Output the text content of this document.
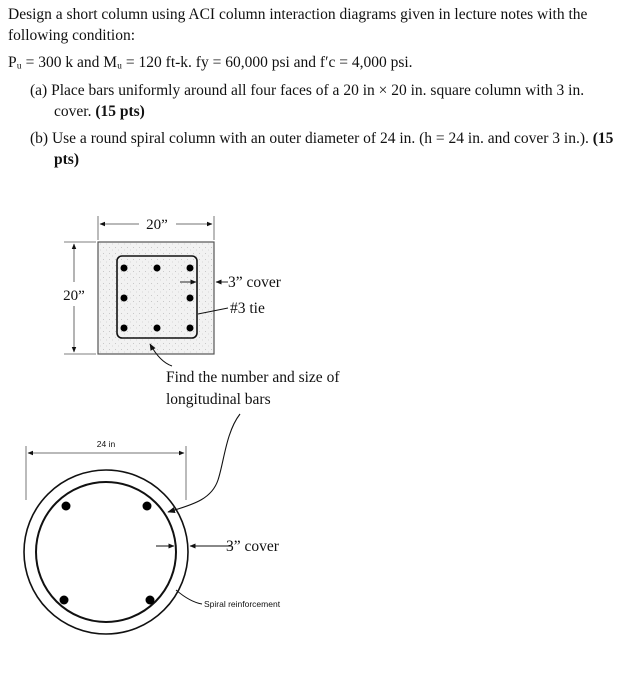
Design a short column using ACI column interaction diagrams given in lecture notes with the following condition:

Pᵤ = 300 k and Mᵤ = 120 ft-k. fy = 60,000 psi and f′c = 4,000 psi.

(a) Place bars uniformly around all four faces of a 20 in × 20 in. square column with 3 in.
cover. (15 pts)
(b) Use a round spiral column with an outer diameter of 24 in. (h = 24 in. and cover 3 in.). (15
pts)
20”
20”
3” cover
#3 tie
Find the number and size of
longitudinal bars
24 in
3” cover
Spiral reinforcement
